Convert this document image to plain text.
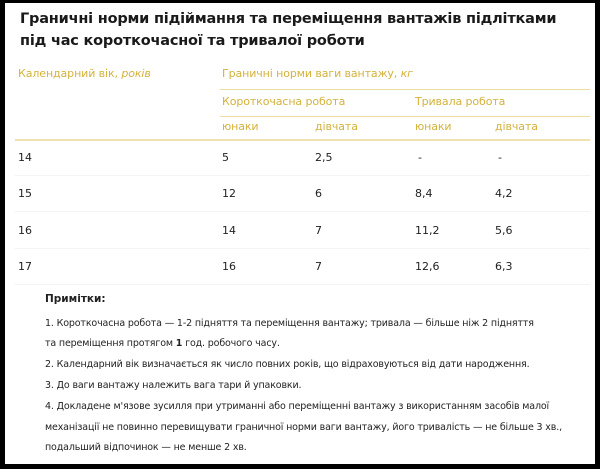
Граничні норми підіймання та переміщення вантажів підлітками під час короткочасної та тривалої роботи
Календарний вік, років	Граничні норми ваги вантажу, кг
Короткочасна робота	Тривала робота
юнаки	дівчата	юнаки	дівчата
14	5	2,5	-	-
15	12	6	8,4	4,2
16	14	7	11,2	5,6
17	16	7	12,6	6,3
Примітки:
1. Короткочасна робота — 1-2 підняття та переміщення вантажу; тривала — більше ніж 2 підняття
та переміщення протягом 1 год. робочого часу.
2. Календарний вік визначається як число повних років, що відраховуються від дати народження.
3. До ваги вантажу належить вага тари й упаковки.
4. Докладене м'язове зусилля при утриманні або переміщенні вантажу з використанням засобів малої
механізації не повинно перевищувати граничної норми ваги вантажу, його тривалість — не більше 3 хв.,
подальший відпочинок — не менше 2 хв.
